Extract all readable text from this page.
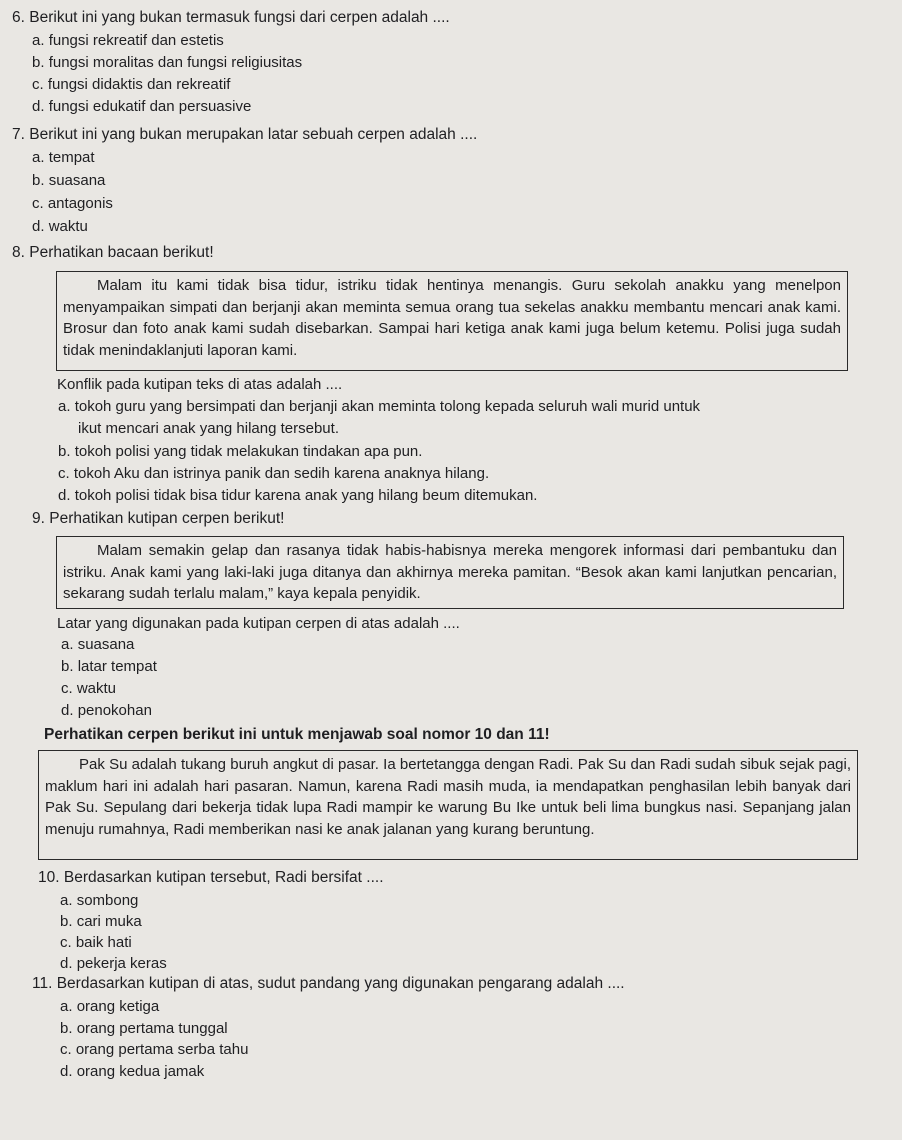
6. Berikut ini yang bukan termasuk fungsi dari cerpen adalah ....
a. fungsi rekreatif dan estetis
b. fungsi moralitas dan fungsi religiusitas
c. fungsi didaktis dan rekreatif
d. fungsi edukatif dan persuasive
7. Berikut ini yang bukan merupakan latar sebuah cerpen adalah ....
a. tempat
b. suasana
c. antagonis
d. waktu
8. Perhatikan bacaan berikut!
Malam itu kami tidak bisa tidur, istriku tidak hentinya menangis. Guru sekolah anakku yang menelpon menyampaikan simpati dan berjanji akan meminta semua orang tua sekelas anakku membantu mencari anak kami. Brosur dan foto anak kami sudah disebarkan. Sampai hari ketiga anak kami juga belum ketemu. Polisi juga sudah tidak menindaklanjuti laporan kami.
Konflik pada kutipan teks di atas adalah ....
a. tokoh guru yang bersimpati dan berjanji akan meminta tolong kepada seluruh wali murid untuk
ikut mencari anak yang hilang tersebut.
b. tokoh polisi yang tidak melakukan tindakan apa pun.
c. tokoh Aku dan istrinya panik dan sedih karena anaknya hilang.
d. tokoh polisi tidak bisa tidur karena anak yang hilang beum ditemukan.
9. Perhatikan kutipan cerpen berikut!
Malam semakin gelap dan rasanya tidak habis-habisnya mereka mengorek informasi dari pembantuku dan istriku. Anak kami yang laki-laki juga ditanya dan akhirnya mereka pamitan. “Besok akan kami lanjutkan pencarian, sekarang sudah terlalu malam,” kaya kepala penyidik.
Latar yang digunakan pada kutipan cerpen di atas adalah ....
a. suasana
b. latar tempat
c. waktu
d. penokohan
Perhatikan cerpen berikut ini untuk menjawab soal nomor 10 dan 11!
Pak Su adalah tukang buruh angkut di pasar. Ia bertetangga dengan Radi. Pak Su dan Radi sudah sibuk sejak pagi, maklum hari ini adalah hari pasaran. Namun, karena Radi masih muda, ia mendapatkan penghasilan lebih banyak dari Pak Su. Sepulang dari bekerja tidak lupa Radi mampir ke warung Bu Ike untuk beli lima bungkus nasi. Sepanjang jalan menuju rumahnya, Radi memberikan nasi ke anak jalanan yang kurang beruntung.
10. Berdasarkan kutipan tersebut, Radi bersifat ....
a. sombong
b. cari muka
c. baik hati
d. pekerja keras
11. Berdasarkan kutipan di atas, sudut pandang yang digunakan pengarang adalah ....
a. orang ketiga
b. orang pertama tunggal
c. orang pertama serba tahu
d. orang kedua jamak
